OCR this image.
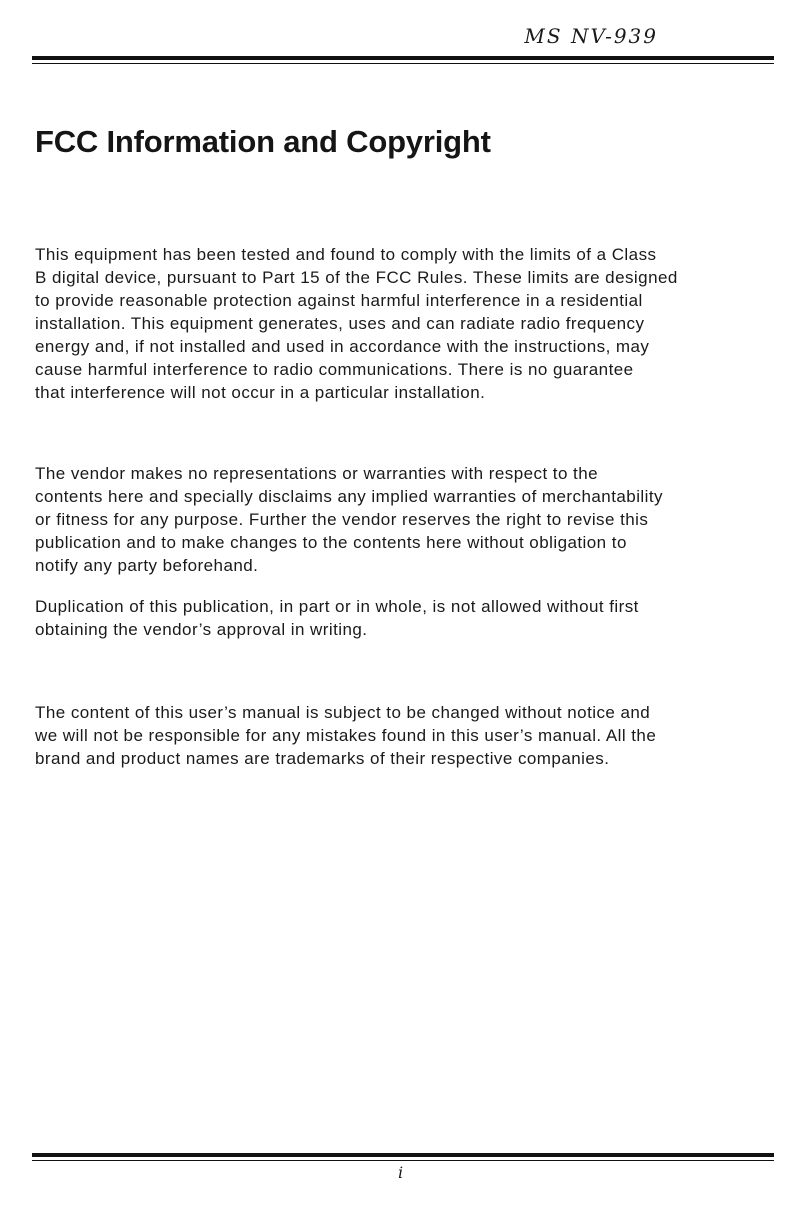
MS NV-939
FCC Information and Copyright

This equipment has been tested and found to comply with the limits of a Class
B digital device, pursuant to Part 15 of the FCC Rules. These limits are designed
to provide reasonable protection against harmful interference in a residential
installation. This equipment generates, uses and can radiate radio frequency
energy and, if not installed and used in accordance with the instructions, may
cause harmful interference to radio communications. There is no guarantee
that interference will not occur in a particular installation.

The vendor makes no representations or warranties with respect to the
contents here and specially disclaims any implied warranties of merchantability
or fitness for any purpose. Further the vendor reserves the right to revise this
publication and to make changes to the contents here without obligation to
notify any party beforehand.

Duplication of this publication, in part or in whole, is not allowed without first
obtaining the vendor’s approval in writing.

The content of this user’s manual is subject to be changed without notice and
we will not be responsible for any mistakes found in this user’s manual. All the
brand and product names are trademarks of their respective companies.

i
